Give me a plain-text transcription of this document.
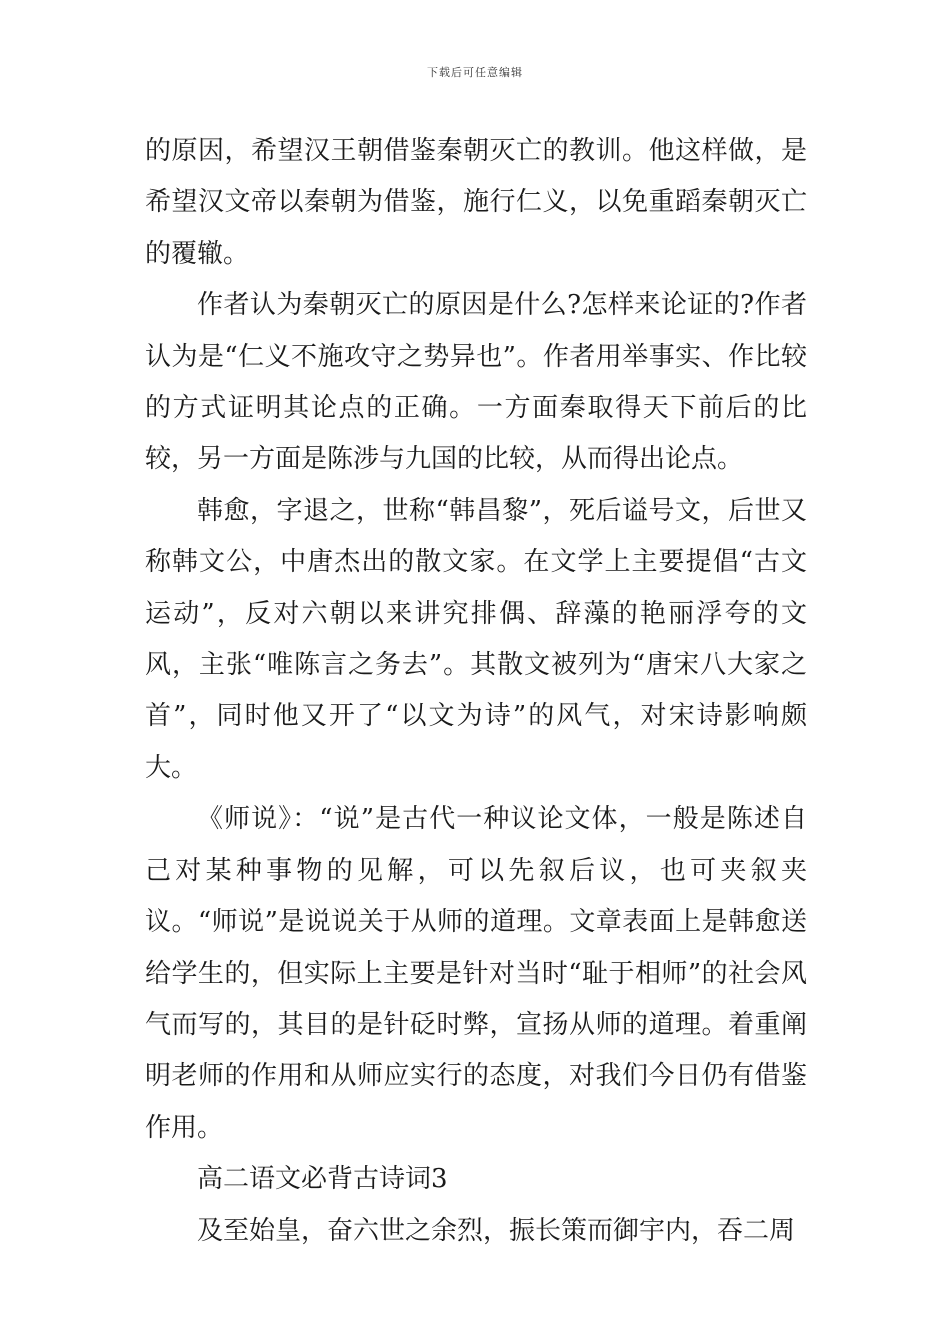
下载后可任意编辑

的原因，希望汉王朝借鉴秦朝灭亡的教训。他这样做，是希望汉文帝以秦朝为借鉴，施行仁义，以免重蹈秦朝灭亡的覆辙。

作者认为秦朝灭亡的原因是什么?怎样来论证的?作者认为是“仁义不施攻守之势异也”。作者用举事实、作比较的方式证明其论点的正确。一方面秦取得天下前后的比较，另一方面是陈涉与九国的比较，从而得出论点。

韩愈，字退之，世称“韩昌黎”，死后谥号文，后世又称韩文公，中唐杰出的散文家。在文学上主要提倡“古文运动”，反对六朝以来讲究排偶、辞藻的艳丽浮夸的文风，主张“唯陈言之务去”。其散文被列为“唐宋八大家之首”，同时他又开了“以文为诗”的风气，对宋诗影响颇大。

《师说》：“说”是古代一种议论文体，一般是陈述自己对某种事物的见解，可以先叙后议，也可夹叙夹议。“师说”是说说关于从师的道理。文章表面上是韩愈送给学生的，但实际上主要是针对当时“耻于相师”的社会风气而写的，其目的是针砭时弊，宣扬从师的道理。着重阐明老师的作用和从师应实行的态度，对我们今日仍有借鉴作用。

高二语文必背古诗词3

及至始皇，奋六世之余烈，振长策而御宇内，吞二周
